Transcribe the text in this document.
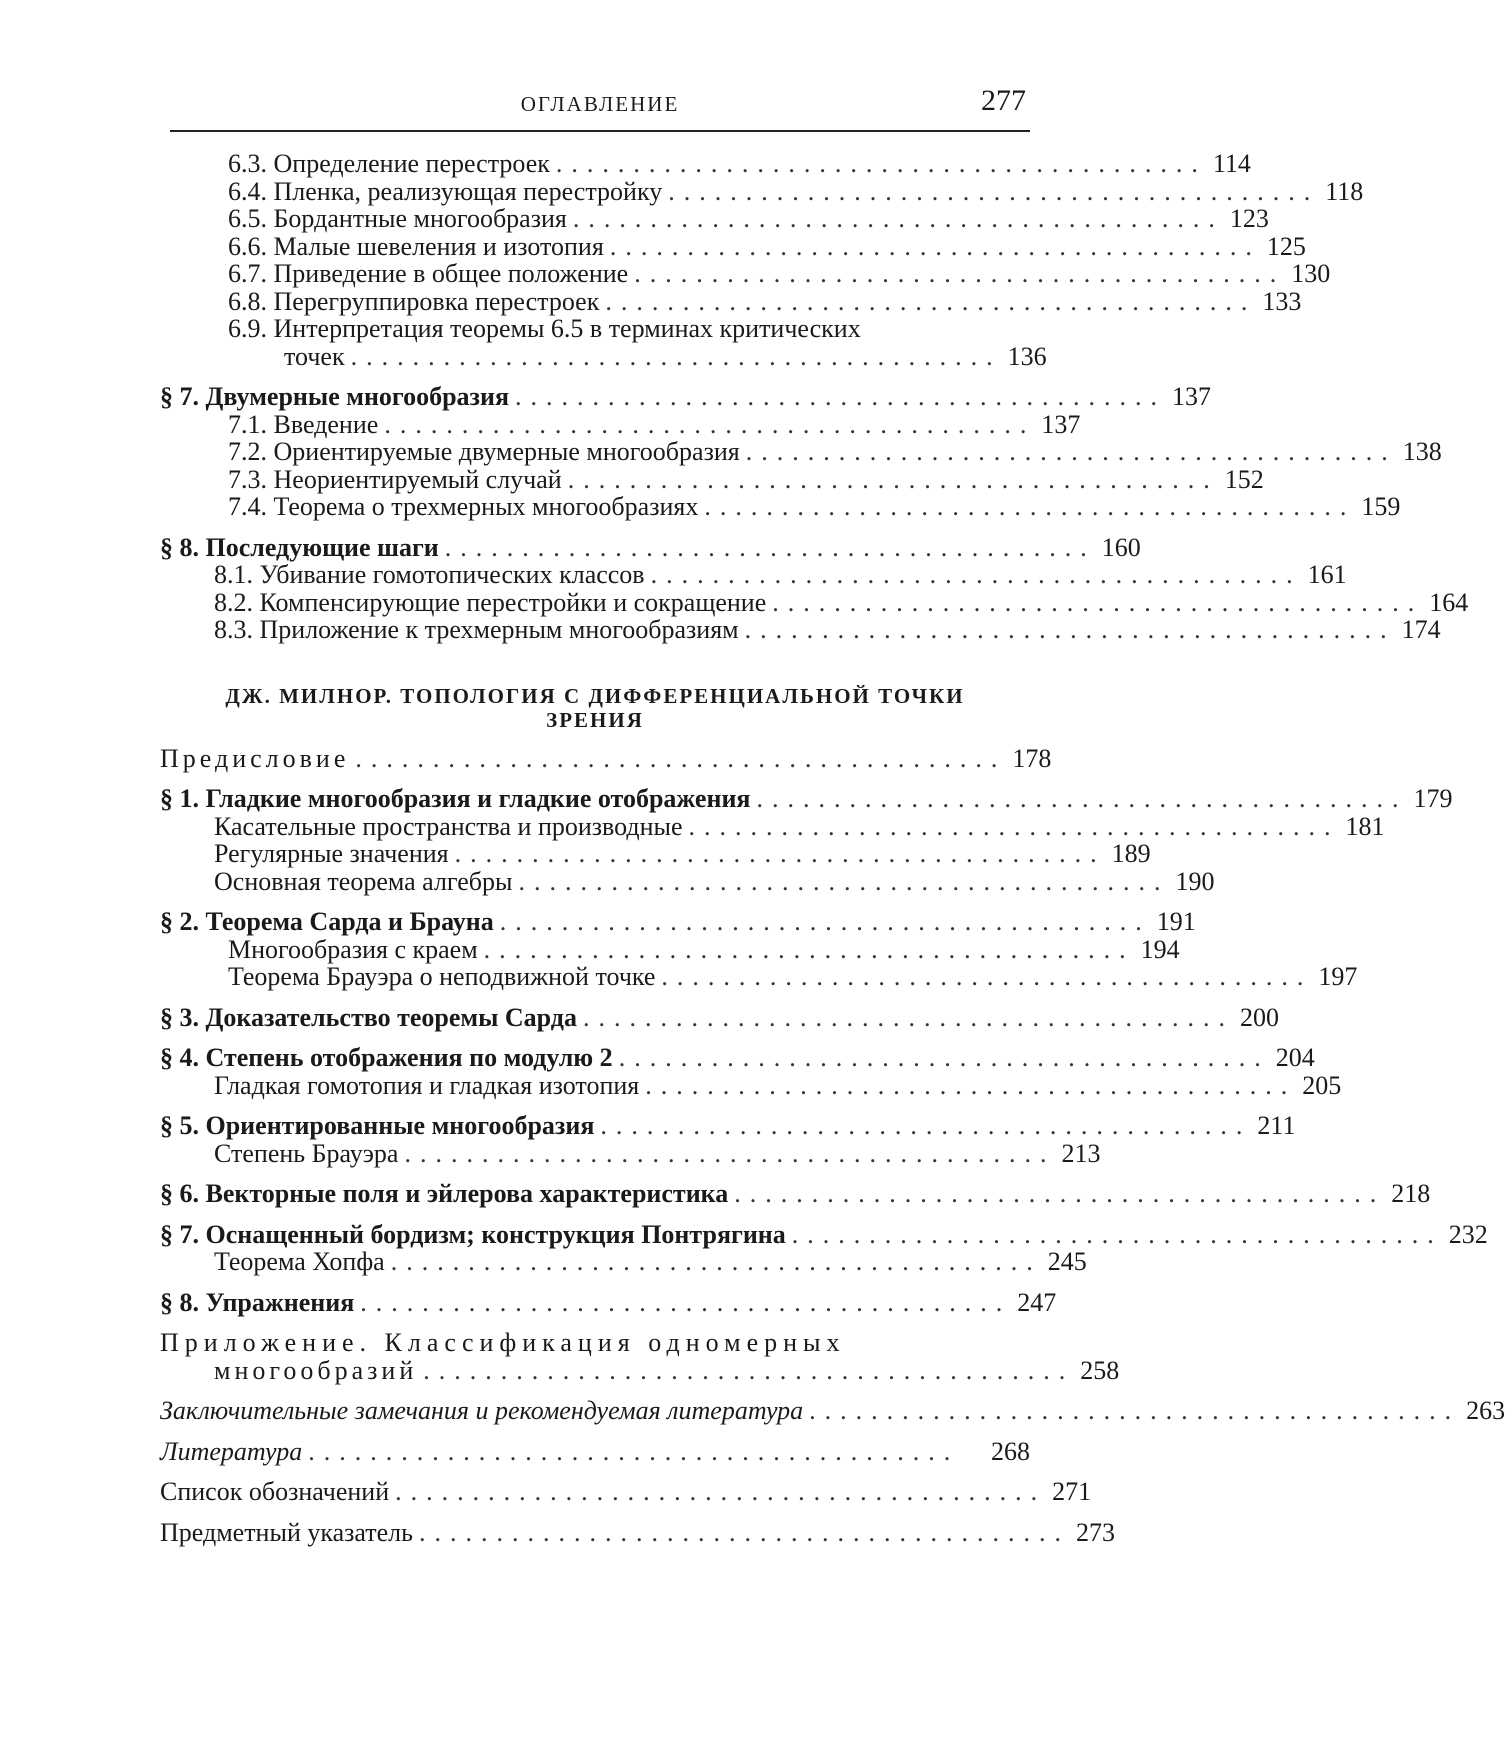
ОГЛАВЛЕНИЕ	277
6.3. Определение перестроек .......................................... 114
6.4. Пленка, реализующая перестройку .......................................... 118
6.5. Бордантные многообразия .......................................... 123
6.6. Малые шевеления и изотопия .......................................... 125
6.7. Приведение в общее положение .......................................... 130
6.8. Перегруппировка перестроек .......................................... 133
6.9. Интерпретация теоремы 6.5 в терминах критических
точек .......................................... 136
§ 7. Двумерные многообразия .......................................... 137
7.1. Введение .......................................... 137
7.2. Ориентируемые двумерные многообразия .......................................... 138
7.3. Неориентируемый случай .......................................... 152
7.4. Теорема о трехмерных многообразиях .......................................... 159
§ 8. Последующие шаги .......................................... 160
8.1. Убивание гомотопических классов .......................................... 161
8.2. Компенсирующие перестройки и сокращение .......................................... 164
8.3. Приложение к трехмерным многообразиям .......................................... 174
ДЖ. МИЛНОР. ТОПОЛОГИЯ С ДИФФЕРЕНЦИАЛЬНОЙ ТОЧКИ
ЗРЕНИЯ
Предисловие .......................................... 178
§ 1. Гладкие многообразия и гладкие отображения .......................................... 179
Касательные пространства и производные .......................................... 181
Регулярные значения .......................................... 189
Основная теорема алгебры .......................................... 190
§ 2. Теорема Сарда и Брауна .......................................... 191
Многообразия с краем .......................................... 194
Теорема Брауэра о неподвижной точке .......................................... 197
§ 3. Доказательство теоремы Сарда .......................................... 200
§ 4. Степень отображения по модулю 2 .......................................... 204
Гладкая гомотопия и гладкая изотопия .......................................... 205
§ 5. Ориентированные многообразия .......................................... 211
Степень Брауэра .......................................... 213
§ 6. Векторные поля и эйлерова характеристика .......................................... 218
§ 7. Оснащенный бордизм; конструкция Понтрягина .......................................... 232
Теорема Хопфа .......................................... 245
§ 8. Упражнения .......................................... 247
Приложение. Классификация одномерных
многообразий .......................................... 258
Заключительные замечания и рекомендуемая литература .......................................... 263
Литература ..........................................	268
Список обозначений .......................................... 271
Предметный указатель .......................................... 273
